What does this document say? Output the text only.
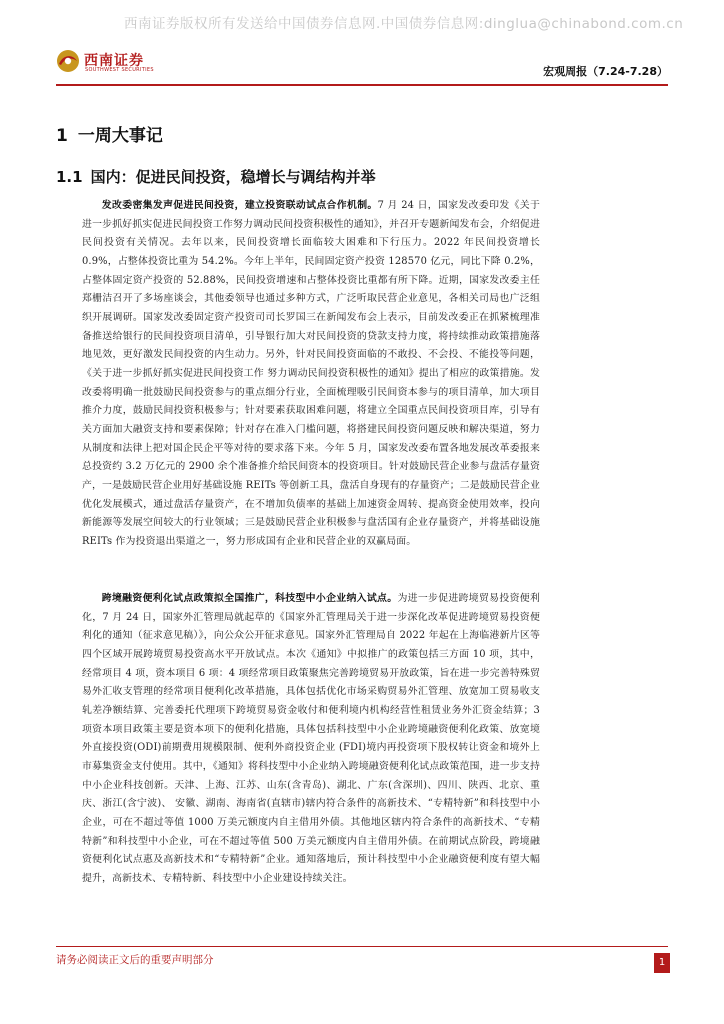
西南证券版权所有发送给中国债券信息网.中国债券信息网:dinglua@chinabond.com.cn
西南证券
SOUTHWEST SECURITIES	宏观周报（7.24-7.28）
1 一周大事记
1.1 国内：促进民间投资，稳增长与调结构并举

发改委密集发声促进民间投资，建立投资联动试点合作机制。7 月 24 日，国家发改委印发《关于进一步抓好抓实促进民间投资工作努力调动民间投资积极性的通知》，并召开专题新闻发布会，介绍促进民间投资有关情况。去年以来，民间投资增长面临较大困难和下行压力。2022 年民间投资增长 0.9%，占整体投资比重为 54.2%。今年上半年，民间固定资产投资 128570 亿元，同比下降 0.2%，占整体固定资产投资的 52.88%，民间投资增速和占整体投资比重都有所下降。近期，国家发改委主任郑栅洁召开了多场座谈会，其他委领导也通过多种方式，广泛听取民营企业意见，各相关司局也广泛组织开展调研。国家发改委固定资产投资司司长罗国三在新闻发布会上表示，目前发改委正在抓紧梳理准备推送给银行的民间投资项目清单，引导银行加大对民间投资的贷款支持力度，将持续推动政策措施落地见效，更好激发民间投资的内生动力。另外，针对民间投资面临的不敢投、不会投、不能投等问题，《关于进一步抓好抓实促进民间投资工作 努力调动民间投资积极性的通知》提出了相应的政策措施。发改委将明确一批鼓励民间投资参与的重点细分行业，全面梳理吸引民间资本参与的项目清单，加大项目推介力度，鼓励民间投资积极参与；针对要素获取困难问题，将建立全国重点民间投资项目库，引导有关方面加大融资支持和要素保障；针对存在准入门槛问题，将搭建民间投资问题反映和解决渠道，努力从制度和法律上把对国企民企平等对待的要求落下来。今年 5 月，国家发改委布置各地发展改革委报来总投资约 3.2 万亿元的 2900 余个准备推介给民间资本的投资项目。针对鼓励民营企业参与盘活存量资产，一是鼓励民营企业用好基础设施 REITs 等创新工具，盘活自身现有的存量资产；二是鼓励民营企业优化发展模式，通过盘活存量资产，在不增加负债率的基础上加速资金周转、提高资金使用效率，投向新能源等发展空间较大的行业领域；三是鼓励民营企业积极参与盘活国有企业存量资产，并将基础设施 REITs 作为投资退出渠道之一，努力形成国有企业和民营企业的双赢局面。

跨境融资便利化试点政策拟全国推广，科技型中小企业纳入试点。为进一步促进跨境贸易投资便利化，7 月 24 日，国家外汇管理局就起草的《国家外汇管理局关于进一步深化改革促进跨境贸易投资便利化的通知（征求意见稿）》，向公众公开征求意见。国家外汇管理局自 2022 年起在上海临港新片区等四个区域开展跨境贸易投资高水平开放试点。本次《通知》中拟推广的政策包括三方面 10 项，其中，经常项目 4 项，资本项目 6 项：4 项经常项目政策聚焦完善跨境贸易开放政策，旨在进一步完善特殊贸易外汇收支管理的经常项目便利化改革措施，具体包括优化市场采购贸易外汇管理、放宽加工贸易收支轧差净额结算、完善委托代理项下跨境贸易资金收付和便利境内机构经营性租赁业务外汇资金结算；3 项资本项目政策主要是资本项下的便利化措施，具体包括科技型中小企业跨境融资便利化政策、放宽境外直接投资(ODI)前期费用规模限制、便利外商投资企业 (FDI)境内再投资项下股权转让资金和境外上市募集资金支付使用。其中，《通知》将科技型中小企业纳入跨境融资便利化试点政策范围，进一步支持中小企业科技创新。天津、上海、江苏、山东(含青岛)、湖北、广东(含深圳)、四川、陕西、北京、重庆、浙江(含宁波)、 安徽、湖南、海南省(直辖市)辖内符合条件的高新技术、“专精特新”和科技型中小企业，可在不超过等值 1000 万美元额度内自主借用外债。其他地区辖内符合条件的高新技术、“专精特新”和科技型中小企业，可在不超过等值 500 万美元额度内自主借用外债。在前期试点阶段，跨境融资便利化试点惠及高新技术和“专精特新”企业。通知落地后，预计科技型中小企业融资便利度有望大幅提升，高新技术、专精特新、科技型中小企业建设持续关注。

请务必阅读正文后的重要声明部分	1
